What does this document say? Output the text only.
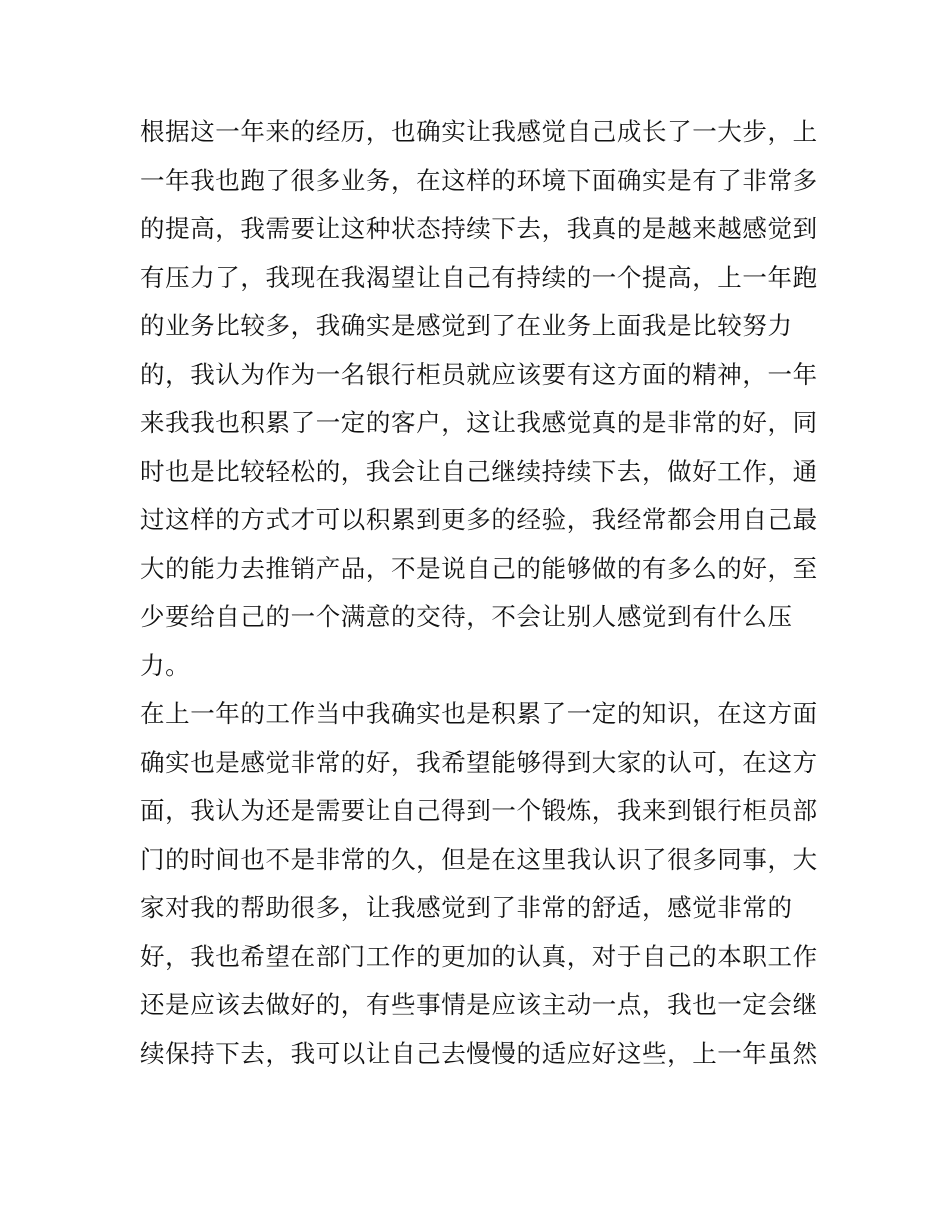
根据这一年来的经历，也确实让我感觉自己成长了一大步，上
一年我也跑了很多业务，在这样的环境下面确实是有了非常多
的提高，我需要让这种状态持续下去，我真的是越来越感觉到
有压力了，我现在我渴望让自己有持续的一个提高，上一年跑
的业务比较多，我确实是感觉到了在业务上面我是比较努力
的，我认为作为一名银行柜员就应该要有这方面的精神，一年
来我我也积累了一定的客户，这让我感觉真的是非常的好，同
时也是比较轻松的，我会让自己继续持续下去，做好工作，通
过这样的方式才可以积累到更多的经验，我经常都会用自己最
大的能力去推销产品，不是说自己的能够做的有多么的好，至
少要给自己的一个满意的交待，不会让别人感觉到有什么压
力。
在上一年的工作当中我确实也是积累了一定的知识，在这方面
确实也是感觉非常的好，我希望能够得到大家的认可，在这方
面，我认为还是需要让自己得到一个锻炼，我来到银行柜员部
门的时间也不是非常的久，但是在这里我认识了很多同事，大
家对我的帮助很多，让我感觉到了非常的舒适，感觉非常的
好，我也希望在部门工作的更加的认真，对于自己的本职工作
还是应该去做好的，有些事情是应该主动一点，我也一定会继
续保持下去，我可以让自己去慢慢的适应好这些，上一年虽然
